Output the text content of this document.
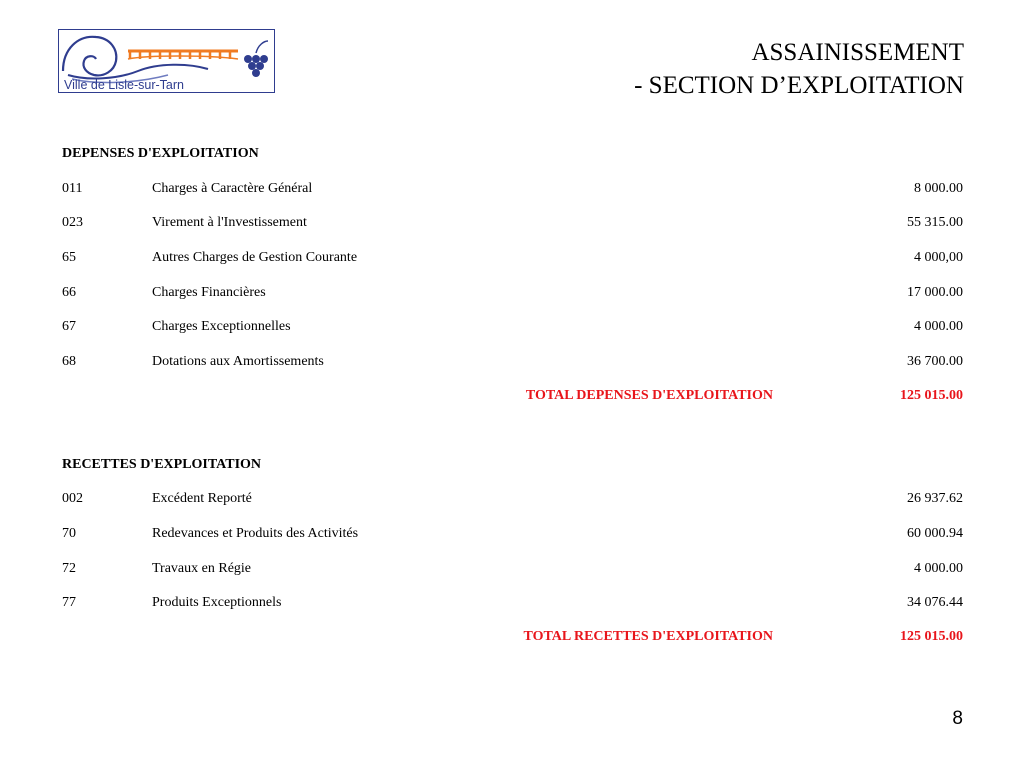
Ville de Lisle-sur-Tarn
ASSAINISSEMENT
- SECTION D’EXPLOITATION
DEPENSES D'EXPLOITATION
011	Charges à Caractère Général	8 000.00
023	Virement à l'Investissement	55 315.00
65	Autres Charges de Gestion Courante	4 000,00
66	Charges Financières	17 000.00
67	Charges Exceptionnelles	4 000.00
68	Dotations aux Amortissements	36 700.00
TOTAL DEPENSES D'EXPLOITATION	125 015.00
RECETTES D'EXPLOITATION
002	Excédent Reporté	26 937.62
70	Redevances et Produits des Activités	60 000.94
72	Travaux en Régie	4 000.00
77	Produits Exceptionnels	34 076.44
TOTAL RECETTES D'EXPLOITATION	125 015.00
8
